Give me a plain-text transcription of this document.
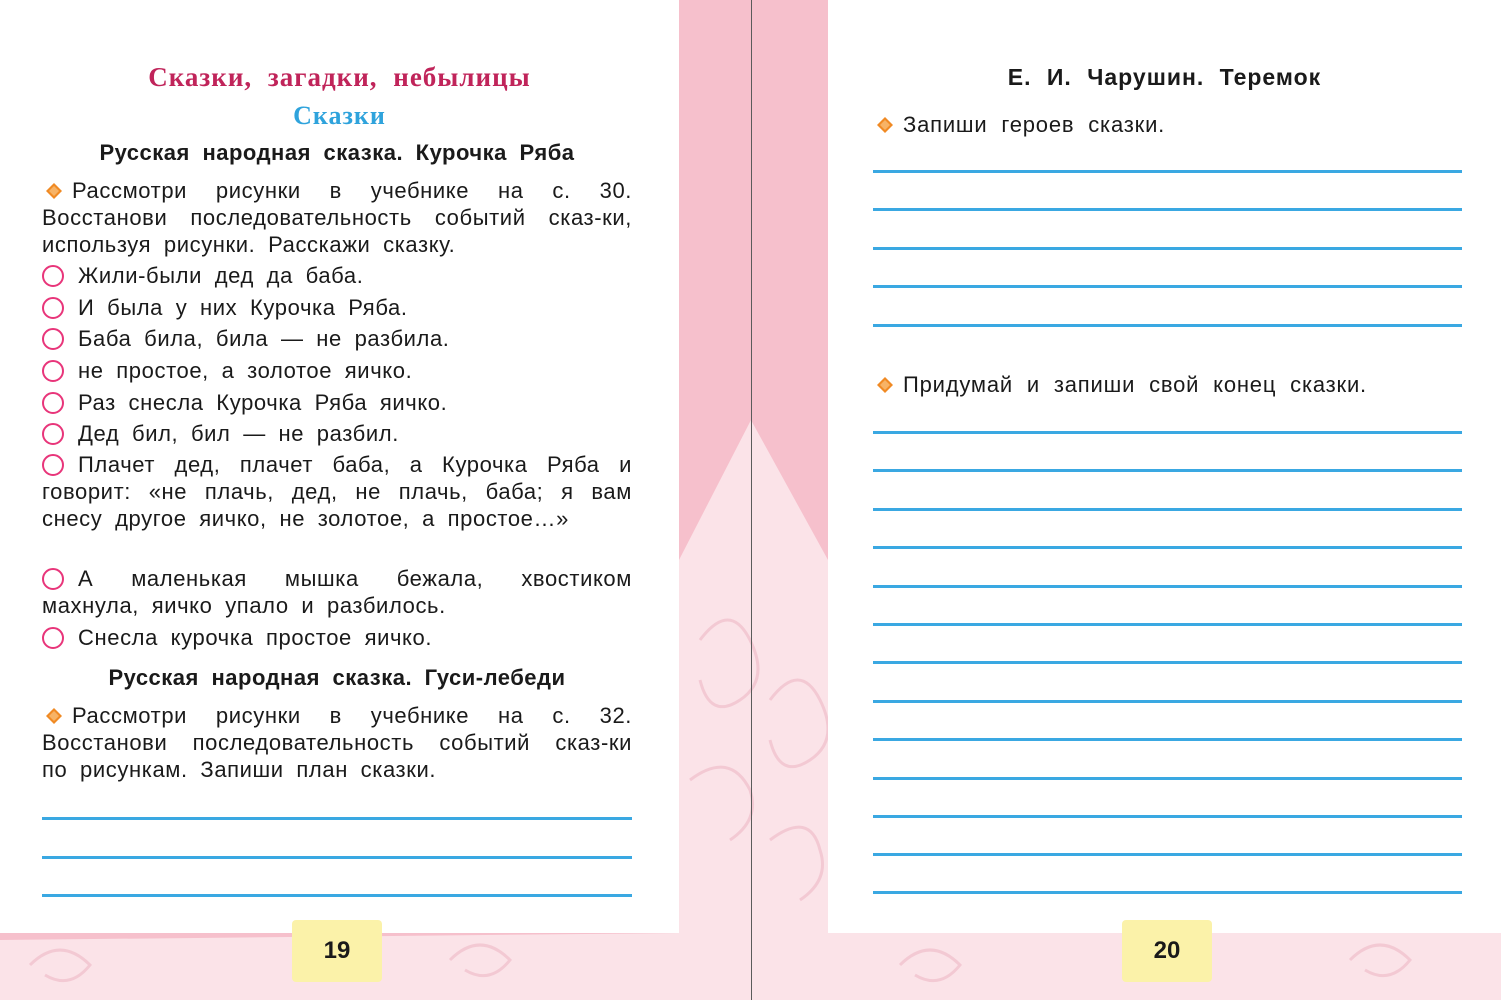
Сказки, загадки, небылицы
Сказки
Русская народная сказка. Курочка Ряба
Рассмотри рисунки в учебнике на с. 30. Восстанови последовательность событий сказ-ки, используя рисунки. Расскажи сказку.
Жили-были дед да баба.
И была у них Курочка Ряба.
Баба била, била — не разбила.
не простое, а золотое яичко.
Раз снесла Курочка Ряба яичко.
Дед бил, бил — не разбил.
Плачет дед, плачет баба, а Курочка Ряба и говорит: «не плачь, дед, не плачь, баба; я вам снесу другое яичко, не золотое, а простое…»
А маленькая мышка бежала, хвостиком махнула, яичко упало и разбилось.
Снесла курочка простое яичко.
Русская народная сказка. Гуси-лебеди
Рассмотри рисунки в учебнике на с. 32. Восстанови последовательность событий сказ-ки по рисункам. Запиши план сказки.
19
Е. И. Чарушин. Теремок
Запиши героев сказки.
Придумай и запиши свой конец сказки.
20
